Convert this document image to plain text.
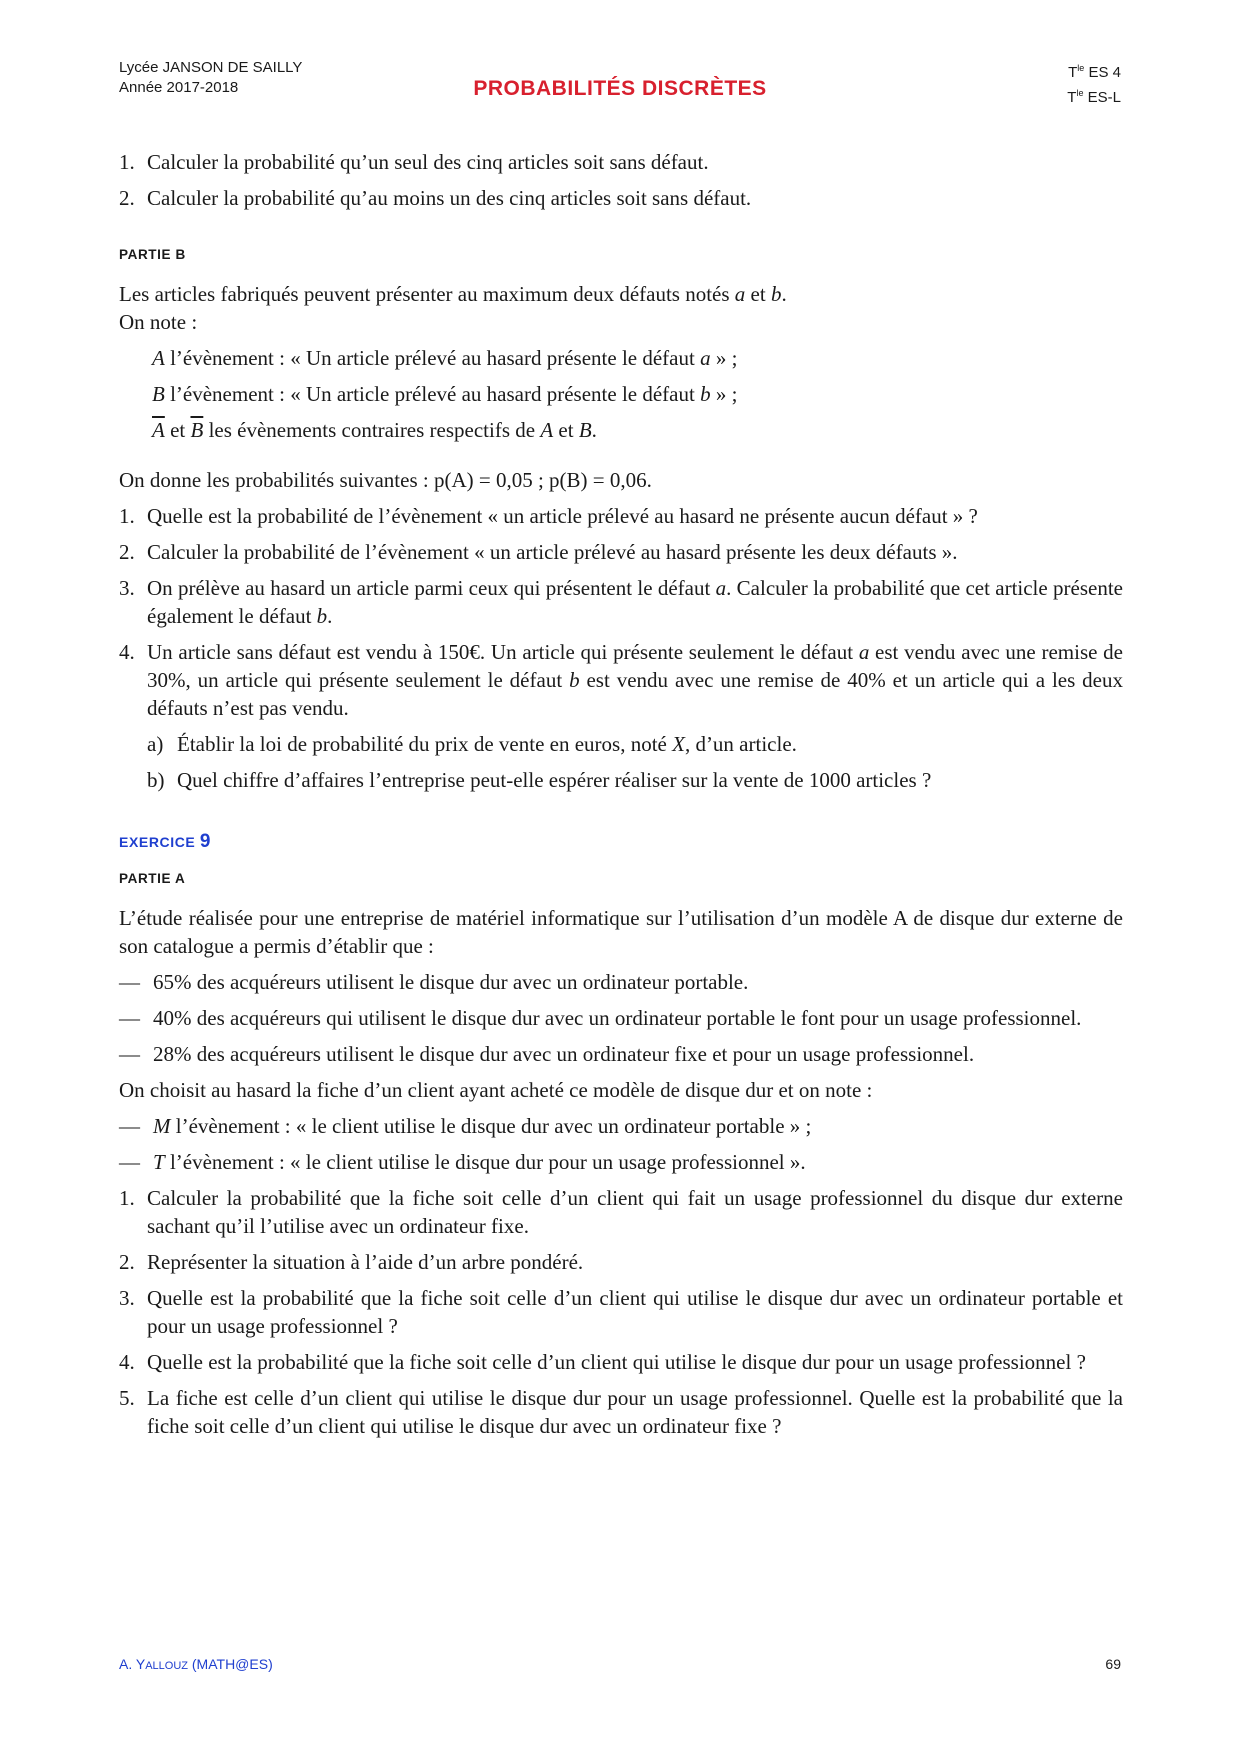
Lycée JANSON DE SAILLY
Année 2017-2018	PROBABILITÉS DISCRÈTES
$T^{le}$ ES 4
$T^{le}$ ES-L
1. Calculer la probabilité qu’un seul des cinq articles soit sans défaut.
2. Calculer la probabilité qu’au moins un des cinq articles soit sans défaut.
PARTIE B

Les articles fabriqués peuvent présenter au maximum deux défauts notés a et b.

On note :

A l’évènement : « Un article prélevé au hasard présente le défaut a » ;
B l’évènement : « Un article prélevé au hasard présente le défaut b » ;
$\overline{A}$ et $\overline{B}$ les évènements contraires respectifs de A et B.

On donne les probabilités suivantes : p(A) = 0,05 ; p(B) = 0,06.

1. Quelle est la probabilité de l’évènement « un article prélevé au hasard ne présente aucun défaut » ?
2. Calculer la probabilité de l’évènement « un article prélevé au hasard présente les deux défauts ».
3. On prélève au hasard un article parmi ceux qui présentent le défaut a. Calculer la probabilité que cet article présente également le défaut b.
4. Un article sans défaut est vendu à 150€. Un article qui présente seulement le défaut a est vendu avec une remise de 30%, un article qui présente seulement le défaut b est vendu avec une remise de 40% et un article qui a les deux défauts n’est pas vendu.
a) Établir la loi de probabilité du prix de vente en euros, noté X, d’un article.
b) Quel chiffre d’affaires l’entreprise peut-elle espérer réaliser sur la vente de 1000 articles ?
EXERCICE 9
PARTIE A

L’étude réalisée pour une entreprise de matériel informatique sur l’utilisation d’un modèle A de disque dur externe de son catalogue a permis d’établir que :

— 65% des acquéreurs utilisent le disque dur avec un ordinateur portable.
— 40% des acquéreurs qui utilisent le disque dur avec un ordinateur portable le font pour un usage professionnel.
— 28% des acquéreurs utilisent le disque dur avec un ordinateur fixe et pour un usage professionnel.

On choisit au hasard la fiche d’un client ayant acheté ce modèle de disque dur et on note :

— M l’évènement : « le client utilise le disque dur avec un ordinateur portable » ;
— T l’évènement : « le client utilise le disque dur pour un usage professionnel ».
1. Calculer la probabilité que la fiche soit celle d’un client qui fait un usage professionnel du disque dur externe sachant qu’il l’utilise avec un ordinateur fixe.
2. Représenter la situation à l’aide d’un arbre pondéré.
3. Quelle est la probabilité que la fiche soit celle d’un client qui utilise le disque dur avec un ordinateur portable et pour un usage professionnel ?
4. Quelle est la probabilité que la fiche soit celle d’un client qui utilise le disque dur pour un usage professionnel ?
5. La fiche est celle d’un client qui utilise le disque dur pour un usage professionnel. Quelle est la probabilité que la fiche soit celle d’un client qui utilise le disque dur avec un ordinateur fixe ?
A. YALLOUZ (MATH@ES)	69
